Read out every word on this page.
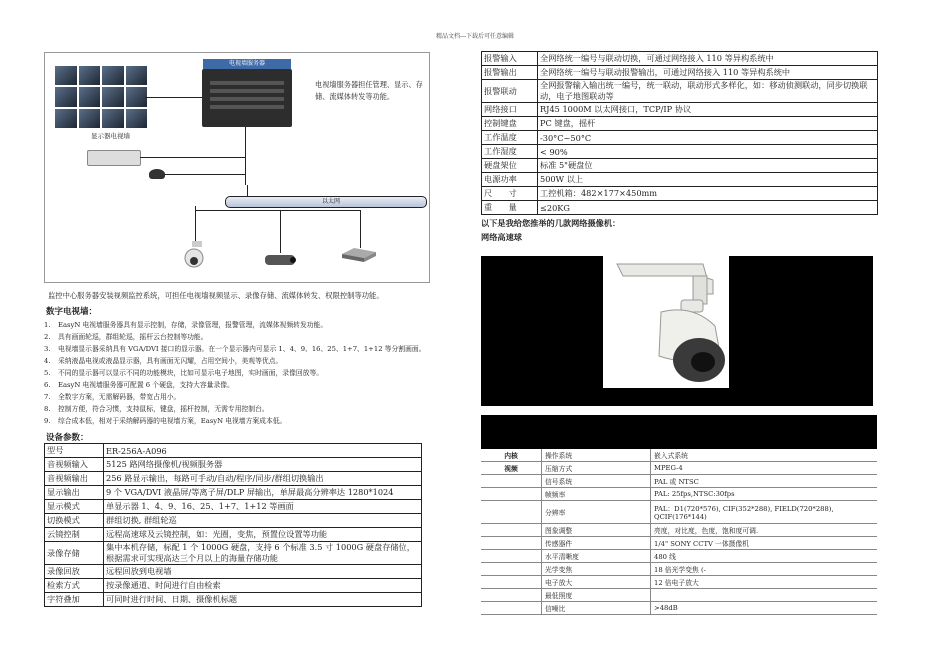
精品文档---下载后可任意编辑
显示器电视墙
电视墙服务器
电视墙服务器担任管理、显示、存储、流媒体转发等功能。
以太网

监控中心服务器安装视频监控系统，可担任电视墙视频显示、录像存储、流媒体转发、权限控制等功能。

数字电视墙：
1.	EasyN 电视墙服务器具有显示控制，存储，录像管理，报警管理，流媒体视频转发功能。
2.	具有画面轮巡，群组轮巡，摇杆云台控制等功能。
3.	电视墙显示器采纳具有 VGA/DVI 接口的显示器。在一个显示器内可显示 1、4、9、16、25、1+7、1+12 等分割画面。
4.	采纳液晶电视或液晶显示器，具有画面无闪耀，占用空间小，美观等优点。
5.	不同的显示器可以显示不同的功能模块，比如可显示电子地图，实时画面，录像回放等。
6.	EasyN 电视墙服务器可配置 6 个硬盘，支持大容量录像。
7.	全数字方案，无需解码器，带宽占用小。
8.	控制方便，符合习惯，支持鼠标，键盘，摇杆控制，无需专用控制台。
9.	综合成本低，相对于采纳解码器的电视墙方案，EasyN 电视墙方案成本低。
设备参数：
型号	ER-256A-A096
音视频输入	5125 路网络摄像机/视频服务器
音视频输出	256 路显示输出，每路可手动/自动/程序/同步/群组切换输出
显示输出	9 个 VGA/DVI 液晶屏/等离子屏/DLP 屏输出，单屏最高分辨率达 1280*1024
显示模式	单显示器 1、4、9、16、25、1+7、1+12 等画面
切换模式	群组切换, 群组轮巡
云镜控制	远程高速球及云镜控制，如：光圈，变焦，预置位设置等功能
录像存储	集中本机存储，标配 1 个 1000G 硬盘，支持 6 个标准 3.5 寸 1000G 硬盘存储位，根据需求可实现高达三个月以上的海量存储功能
录像回放	远程回放到电视墙
检索方式	按录像通道、时间进行自由检索
字符叠加	可同时进行时间、日期、摄像机标题
报警输入	全网络统一编号与联动切换，可通过网络接入 110 等异构系统中
报警输出	全网络统一编号与联动报警输出，可通过网络接入 110 等异构系统中
报警联动	全网报警输入输出统一编号，统一联动，联动形式多样化，如：移动侦测联动，同步切换联动，电子地图联动等
网络接口	RJ45 1000M 以太网接口，TCP/IP 协议
控制键盘	PC 键盘，摇杆
工作温度	-30°C~50°C
工作湿度	< 90%
硬盘架位	标准 5"硬盘位
电源功率	500W 以上
尺　　寸	工控机箱：482×177×450mm
重　　量	≤20KG
以下是我给您推举的几款网络摄像机：
网络高速球
内核	操作系统	嵌入式系统
视频	压缩方式	MPEG-4
	信号系统	PAL 或 NTSC
	帧频率	PAL: 25fps,NTSC:30fps
	分辨率	PAL：D1(720*576), CIF(352*288), FIELD(720*288), QCIF(176*144)
	图象调整	亮度，对比度，色度，饱和度可调.
	传感器件	1/4" SONY CCTV 一体摄像机
	水平清晰度	480 线
	光学变焦	18 倍光学变焦 (-
	电子放大	12 倍电子放大
	最低照度	
	信噪比	>48dB
